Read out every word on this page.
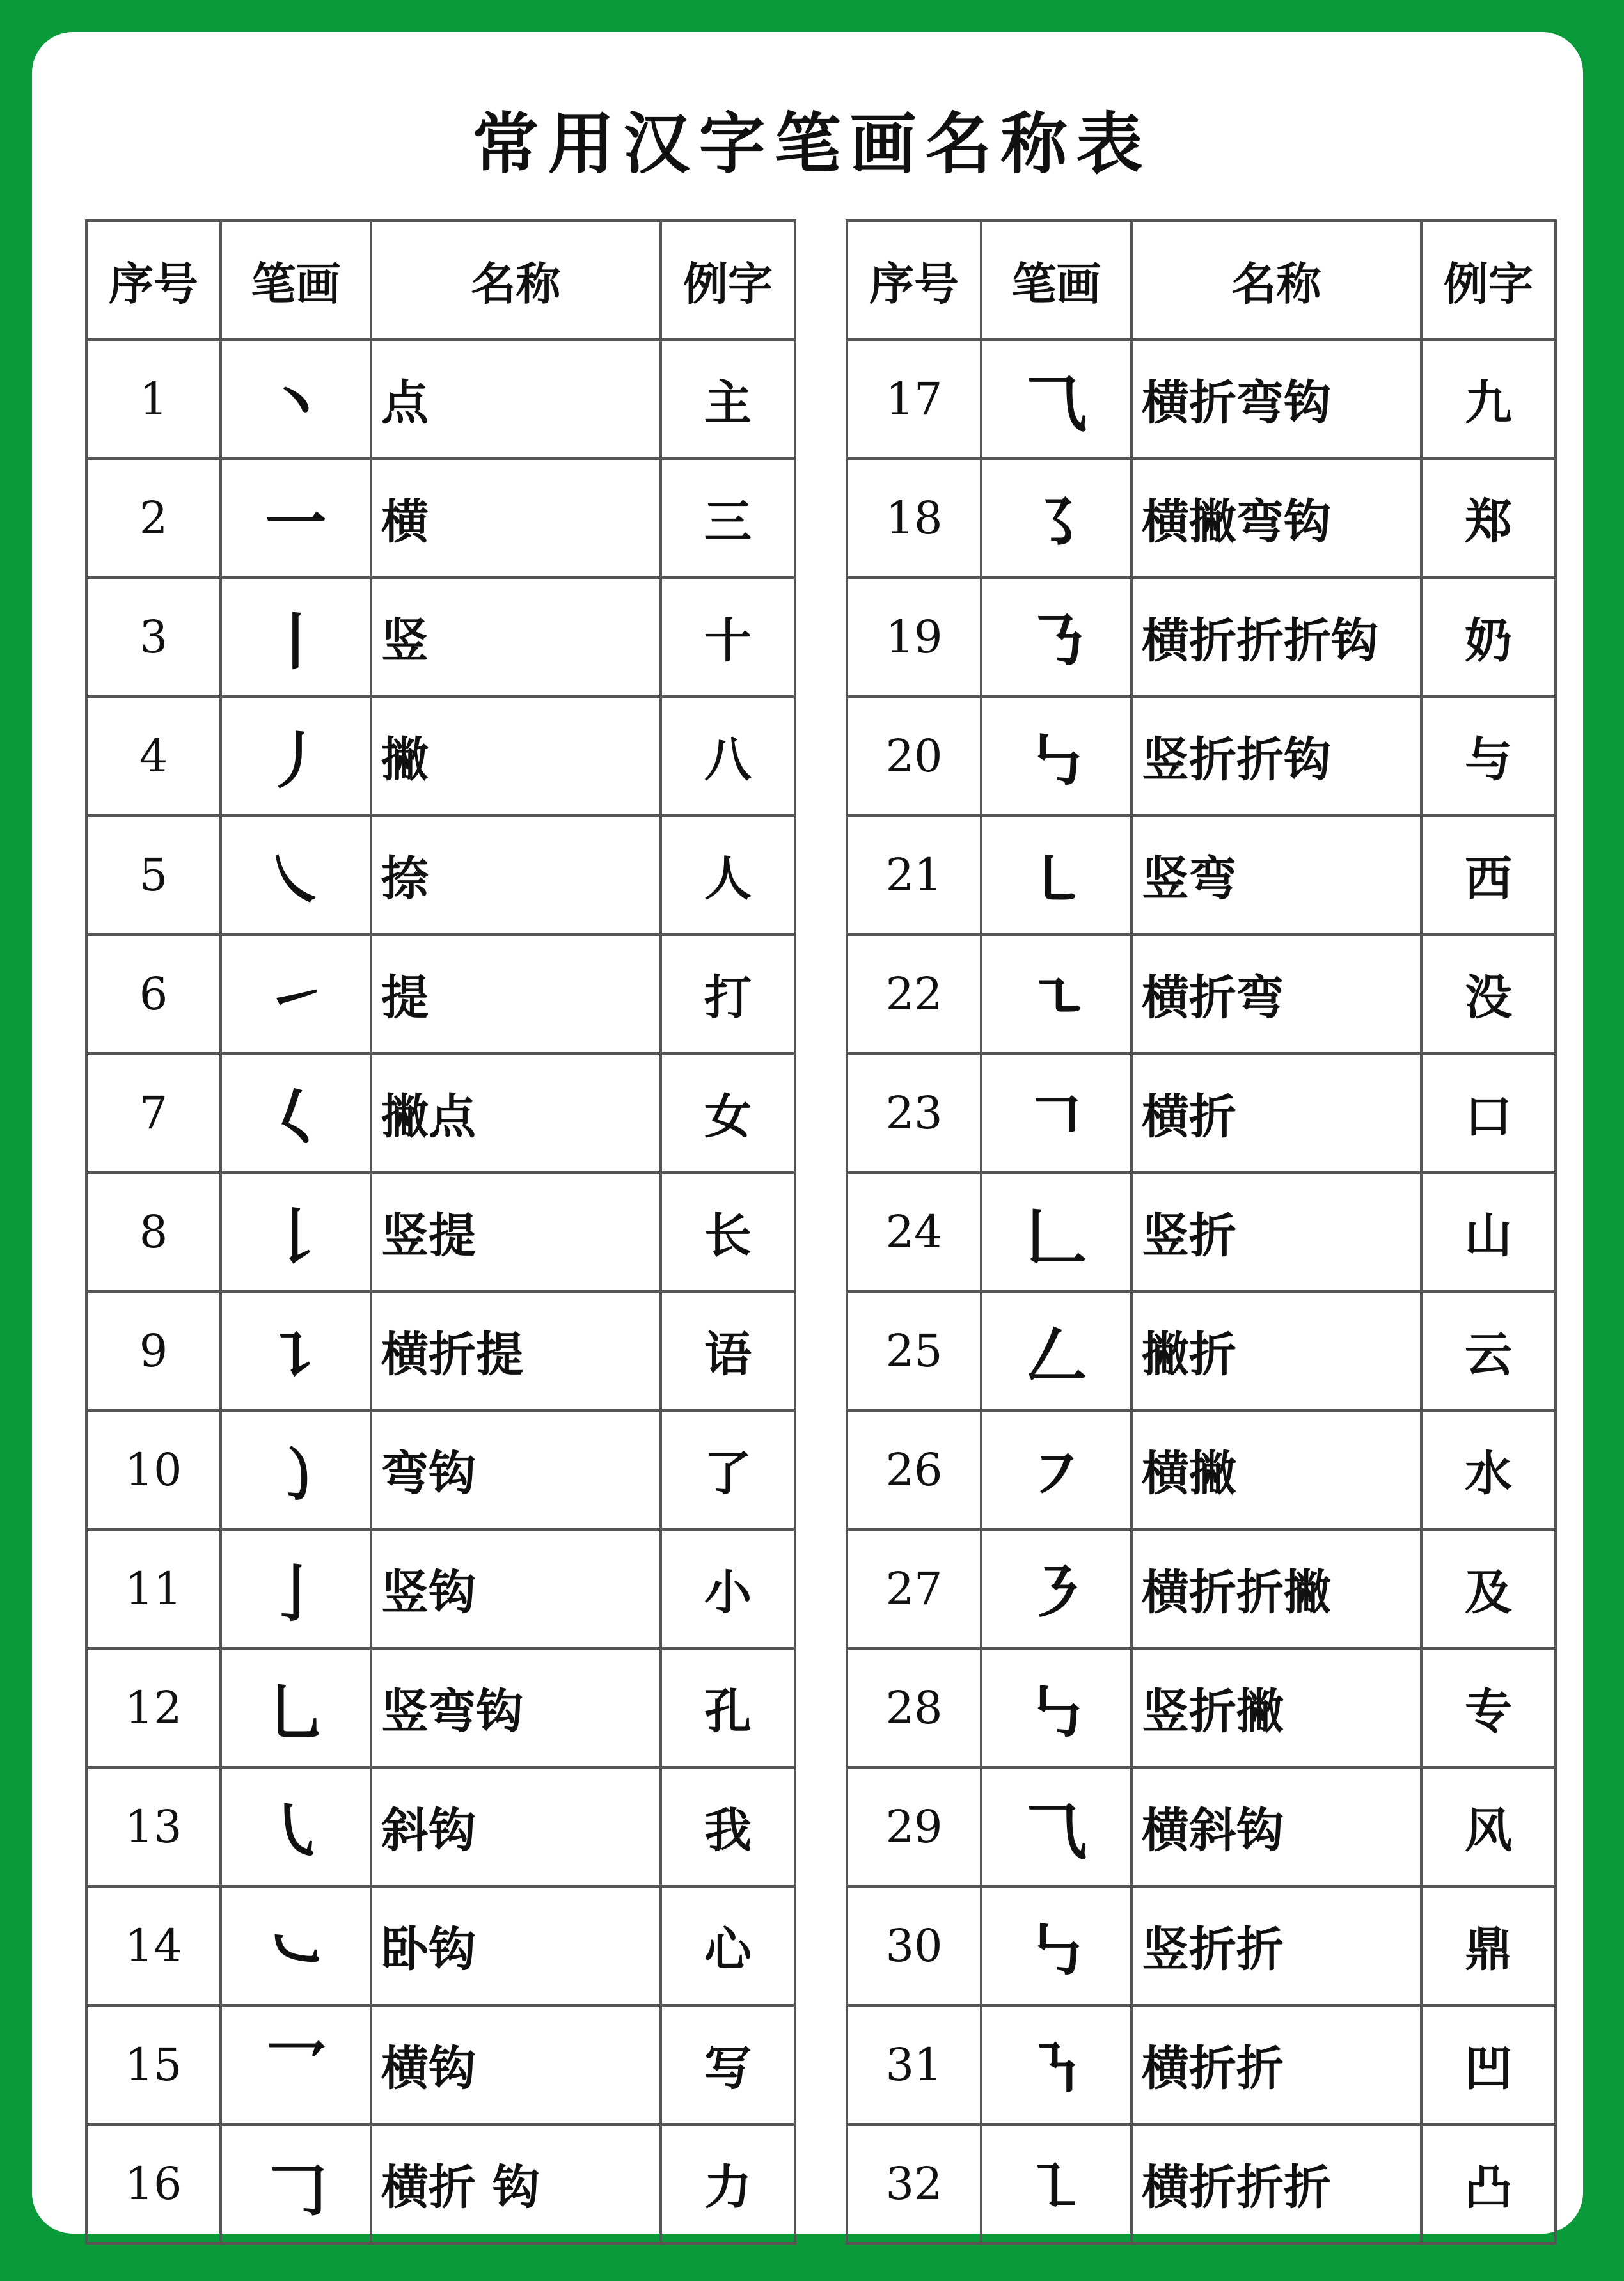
常用汉字笔画名称表
序号	笔画	名称	例字
1	丶	点	主
2	一	横	三
3	丨	竖	十
4	丿	撇	八
5	㇏	捺	人
6	㇀	提	打
7	𡿨	撇点	女
8	𠄌	竖提	长
9	㇊	横折提	语
10	㇁	弯钩	了
11	亅	竖钩	小
12	乚	竖弯钩	孔
13	㇂	斜钩	我
14	㇃	卧钩	心
15	乛	横钩	写
16	𠃌	横折 钩	力
序号	笔画	名称	例字
17	⺄	横折弯钩	九
18	㇌	横撇弯钩	郑
19	㇡	横折折折钩	奶
20	㇉	竖折折钩	与
21	㇄	竖弯	西
22	㇍	横折弯	没
23	𠃍	横折	口
24	𠃊	竖折	山
25	𠃋	撇折	云
26	㇇	横撇	水
27	㇋	横折折撇	及
28	㇉	竖折撇	专
29	⺄	横斜钩	风
30	㇉	竖折折	鼎
31	㇎	横折折	凹
32	㇅	横折折折	凸
